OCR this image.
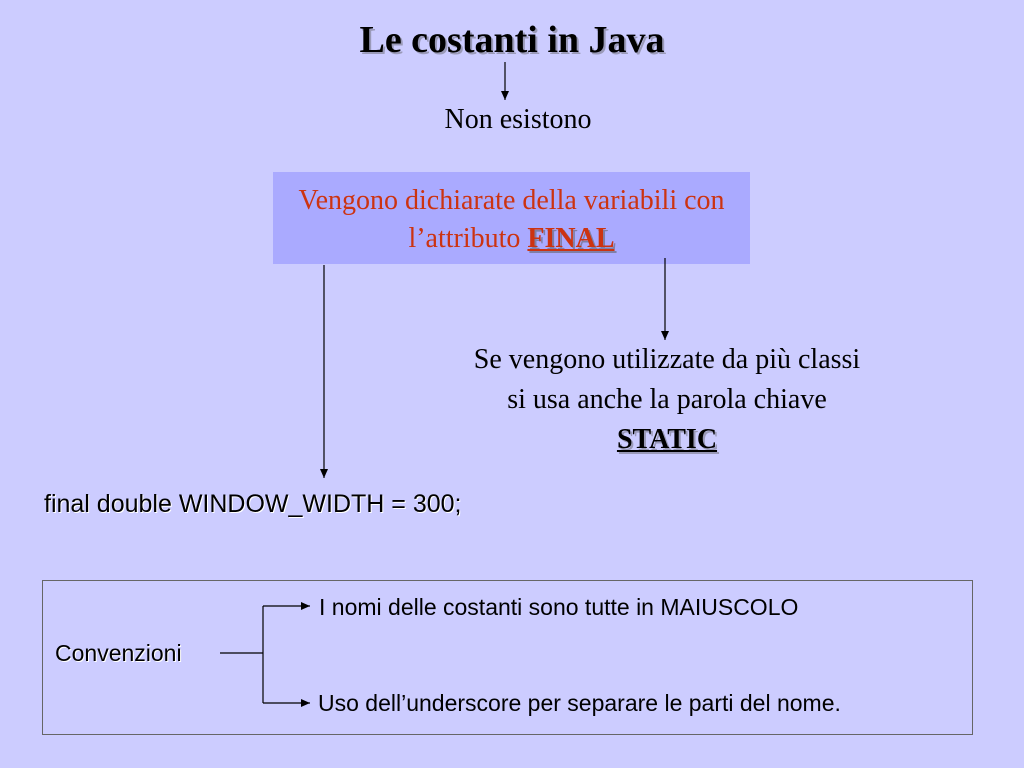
Le costanti in Java
Non esistono
Vengono dichiarate della variabili con l’attributo FINAL
Se vengono utilizzate da più classi si usa anche la parola chiave STATIC
final double WINDOW_WIDTH = 300;
Convenzioni
I nomi delle costanti sono tutte in MAIUSCOLO
Uso dell’underscore per separare le parti del nome.
